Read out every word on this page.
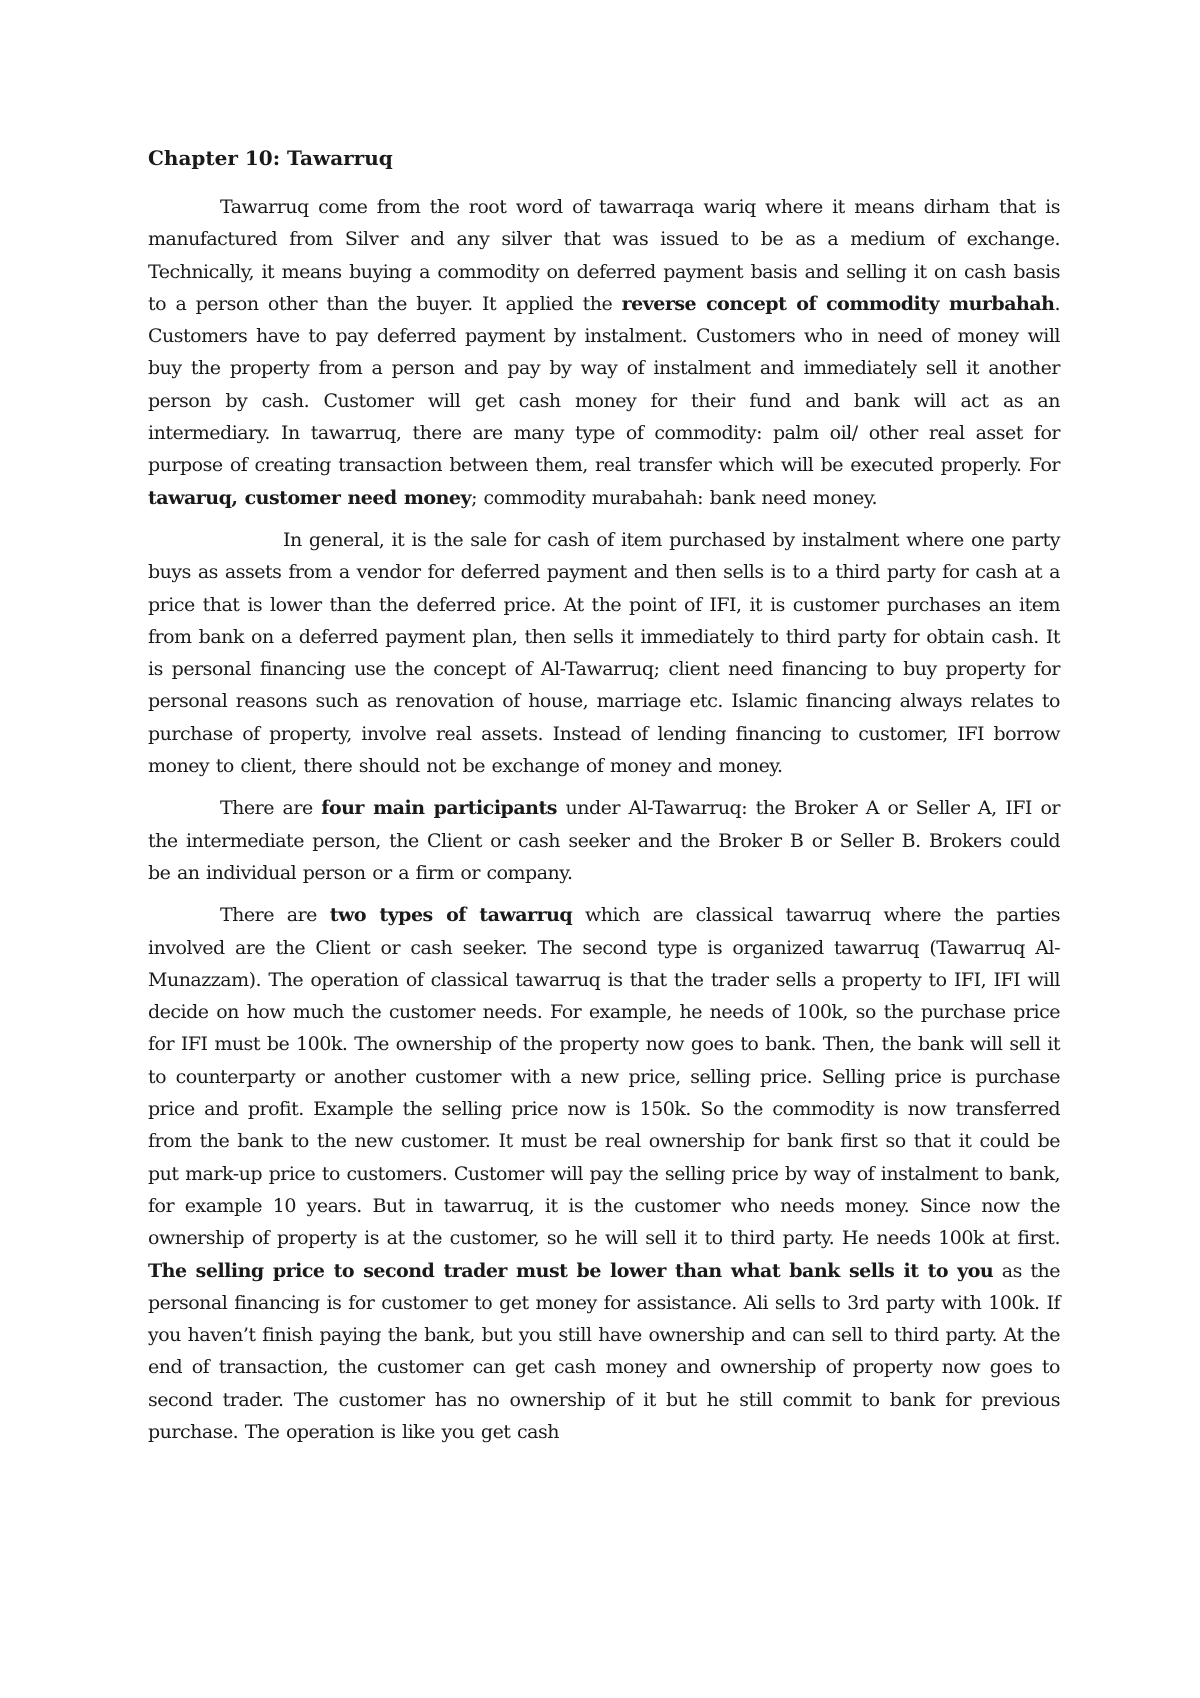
Chapter 10: Tawarruq

Tawarruq come from the root word of tawarraqa wariq where it means dirham that is manufactured from Silver and any silver that was issued to be as a medium of exchange. Technically, it means buying a commodity on deferred payment basis and selling it on cash basis to a person other than the buyer. It applied the reverse concept of commodity murbahah. Customers have to pay deferred payment by instalment. Customers who in need of money will buy the property from a person and pay by way of instalment and immediately sell it another person by cash. Customer will get cash money for their fund and bank will act as an intermediary. In tawarruq, there are many type of commodity: palm oil/ other real asset for purpose of creating transaction between them, real transfer which will be executed properly. For tawaruq, customer need money; commodity murabahah: bank need money.

In general, it is the sale for cash of item purchased by instalment where one party buys as assets from a vendor for deferred payment and then sells is to a third party for cash at a price that is lower than the deferred price. At the point of IFI, it is customer purchases an item from bank on a deferred payment plan, then sells it immediately to third party for obtain cash. It is personal financing use the concept of Al-Tawarruq; client need financing to buy property for personal reasons such as renovation of house, marriage etc. Islamic financing always relates to purchase of property, involve real assets. Instead of lending financing to customer, IFI borrow money to client, there should not be exchange of money and money.

There are four main participants under Al-Tawarruq: the Broker A or Seller A, IFI or the intermediate person, the Client or cash seeker and the Broker B or Seller B. Brokers could be an individual person or a firm or company.

There are two types of tawarruq which are classical tawarruq where the parties involved are the Client or cash seeker. The second type is organized tawarruq (Tawarruq Al-Munazzam). The operation of classical tawarruq is that the trader sells a property to IFI, IFI will decide on how much the customer needs. For example, he needs of 100k, so the purchase price for IFI must be 100k. The ownership of the property now goes to bank. Then, the bank will sell it to counterparty or another customer with a new price, selling price. Selling price is purchase price and profit. Example the selling price now is 150k. So the commodity is now transferred from the bank to the new customer. It must be real ownership for bank first so that it could be put mark-up price to customers. Customer will pay the selling price by way of instalment to bank, for example 10 years. But in tawarruq, it is the customer who needs money. Since now the ownership of property is at the customer, so he will sell it to third party. He needs 100k at first. The selling price to second trader must be lower than what bank sells it to you as the personal financing is for customer to get money for assistance. Ali sells to 3rd party with 100k. If you haven’t finish paying the bank, but you still have ownership and can sell to third party. At the end of transaction, the customer can get cash money and ownership of property now goes to second trader. The customer has no ownership of it but he still commit to bank for previous purchase. The operation is like you get cash
